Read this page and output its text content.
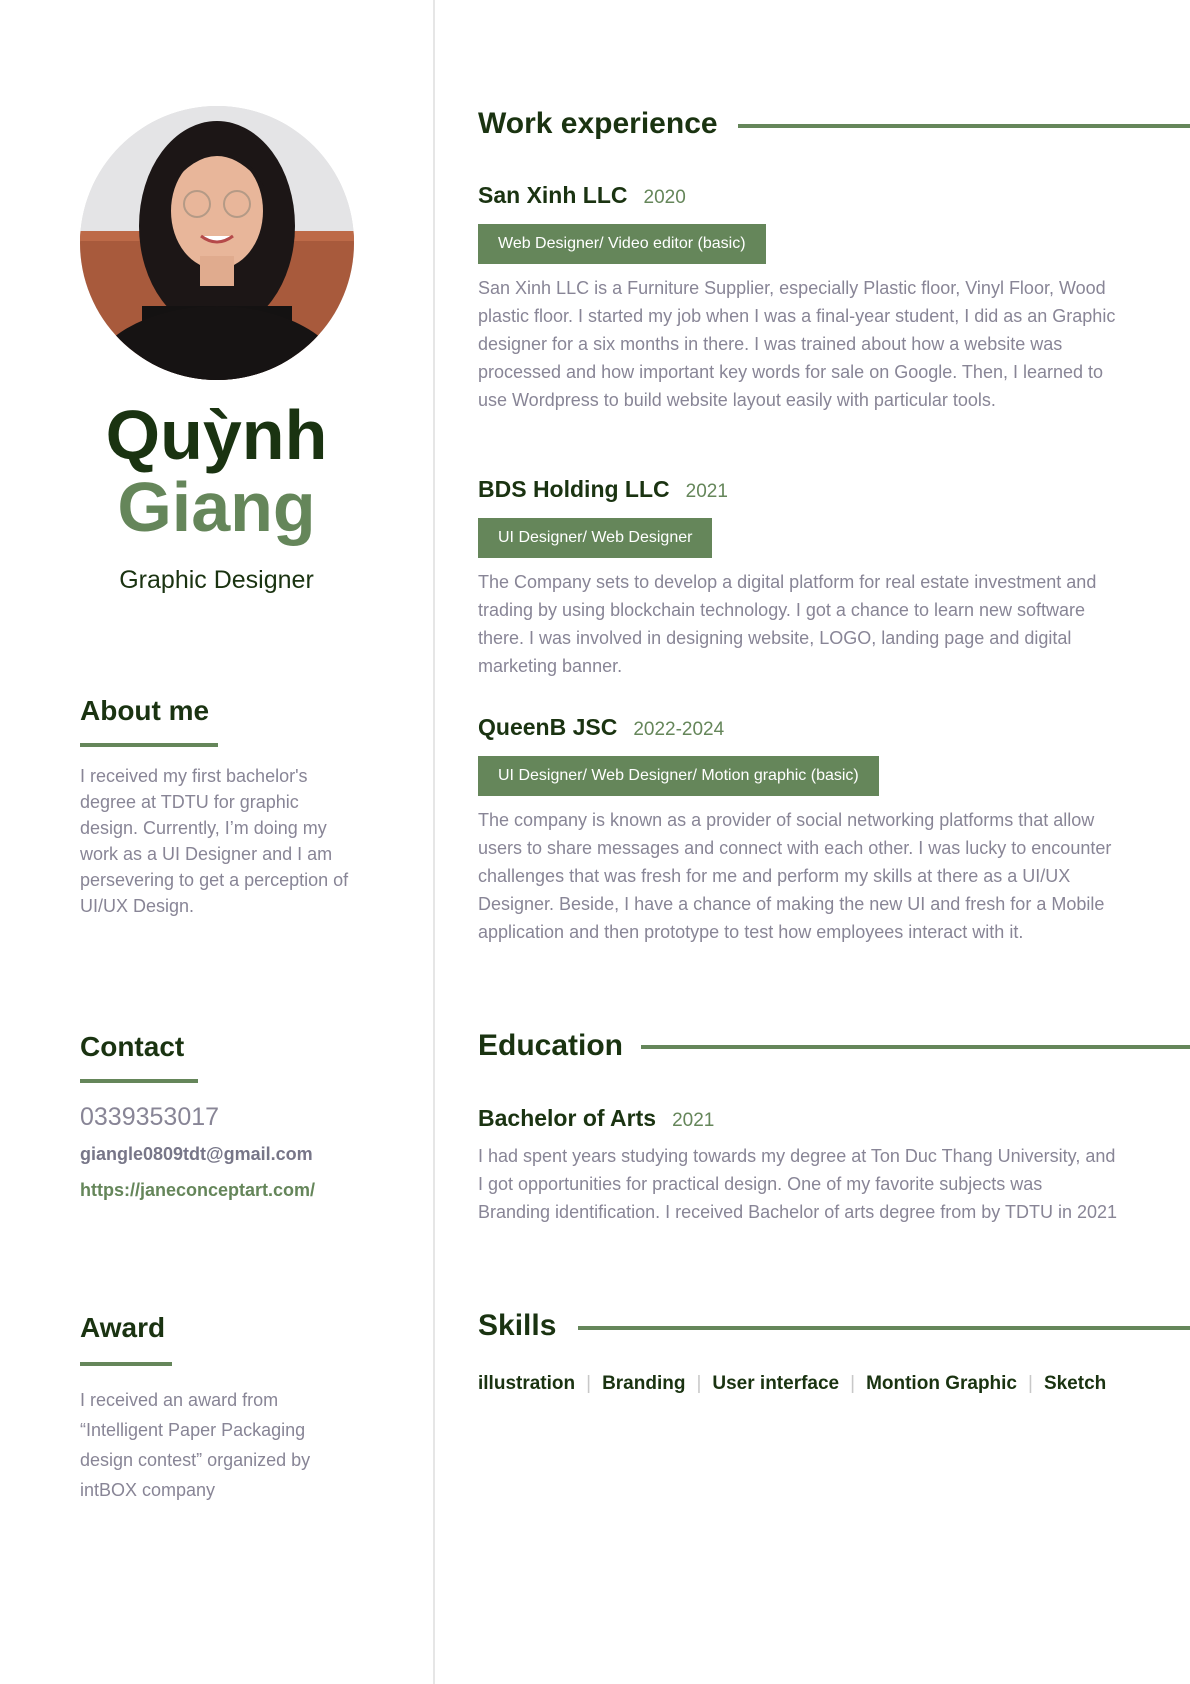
Quỳnh
Giang
Graphic Designer
About me
I received my first bachelor's degree at TDTU for graphic design. Currently, I’m doing my work as a UI Designer and I am persevering to get a perception of UI/UX Design.
Contact
0339353017
giangle0809tdt@gmail.com
https://janeconceptart.com/
Award
I received an award from “Intelligent Paper Packaging design contest” organized by intBOX company
Work experience
San Xinh LLC 2020
Web Designer/ Video editor (basic)
San Xinh LLC is a Furniture Supplier, especially Plastic floor, Vinyl Floor, Wood plastic floor. I started my job when I was a final-year student, I did as an Graphic designer for a six months in there. I was trained about how a website was processed and how important key words for sale on Google. Then, I learned to use Wordpress to build website layout easily with particular tools.
BDS Holding LLC 2021
UI Designer/ Web Designer
The Company sets to develop a digital platform for real estate investment and trading by using blockchain technology. I got a chance to learn new software there. I was involved in designing website, LOGO, landing page and digital marketing banner.
QueenB JSC 2022-2024
UI Designer/ Web Designer/ Motion graphic (basic)
The company is known as a provider of social networking platforms that allow users to share messages and connect with each other. I was lucky to encounter challenges that was fresh for me and perform my skills at there as a UI/UX Designer. Beside, I have a chance of making the new UI and fresh for a Mobile application and then prototype to test how employees interact with it.
Education
Bachelor of Arts 2021
I had spent years studying towards my degree at Ton Duc Thang University, and I got opportunities for practical design. One of my favorite subjects was Branding identification. I received Bachelor of arts degree from by TDTU in 2021
Skills
illustration | Branding | User interface | Montion Graphic | Sketch
